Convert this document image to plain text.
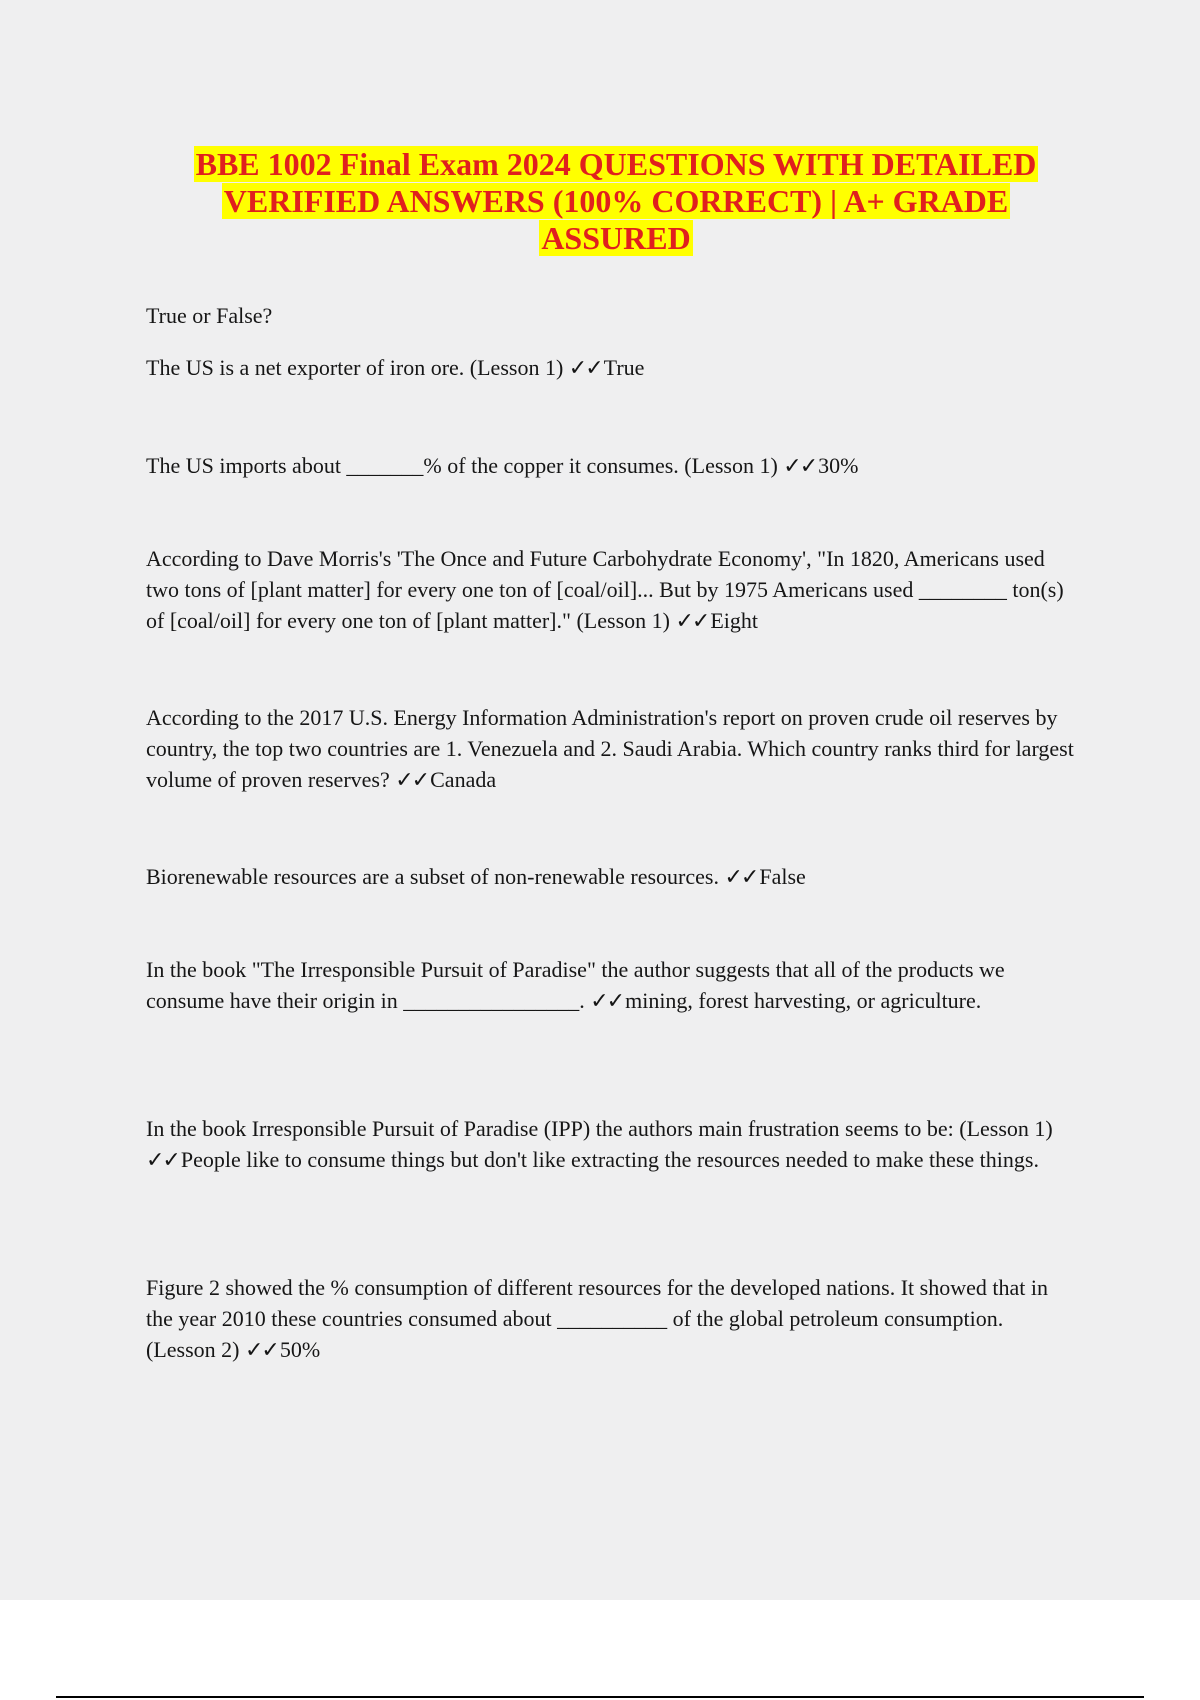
BBE 1002 Final Exam 2024 QUESTIONS WITH DETAILED
VERIFIED ANSWERS (100% CORRECT) | A+ GRADE
ASSURED
True or False?
The US is a net exporter of iron ore. (Lesson 1) ✓✓True
The US imports about _______% of the copper it consumes. (Lesson 1) ✓✓30%
According to Dave Morris's 'The Once and Future Carbohydrate Economy', "In 1820, Americans used two tons of [plant matter] for every one ton of [coal/oil]... But by 1975 Americans used ________ ton(s) of [coal/oil] for every one ton of [plant matter]." (Lesson 1) ✓✓Eight
According to the 2017 U.S. Energy Information Administration's report on proven crude oil reserves by country, the top two countries are 1. Venezuela and 2. Saudi Arabia. Which country ranks third for largest volume of proven reserves? ✓✓Canada
Biorenewable resources are a subset of non-renewable resources. ✓✓False
In the book "The Irresponsible Pursuit of Paradise" the author suggests that all of the products we consume have their origin in ________________. ✓✓mining, forest harvesting, or agriculture.
In the book Irresponsible Pursuit of Paradise (IPP) the authors main frustration seems to be: (Lesson 1) ✓✓People like to consume things but don't like extracting the resources needed to make these things.
Figure 2 showed the % consumption of different resources for the developed nations. It showed that in the year 2010 these countries consumed about __________ of the global petroleum consumption. (Lesson 2) ✓✓50%
